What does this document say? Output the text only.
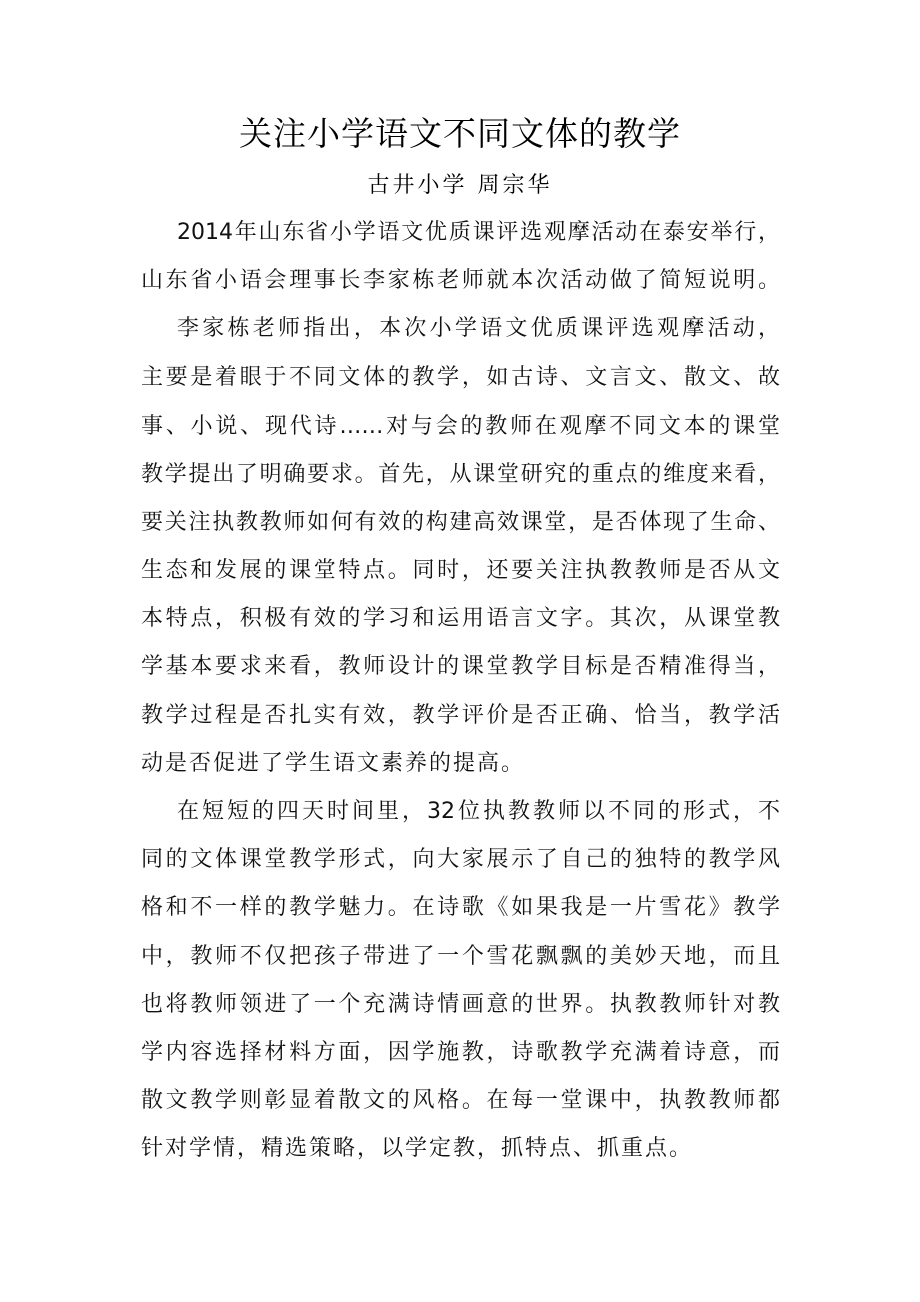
关注小学语文不同文体的教学
古井小学 周宗华
2014年山东省小学语文优质课评选观摩活动在泰安举行，
山东省小语会理事长李家栋老师就本次活动做了简短说明。
李家栋老师指出，本次小学语文优质课评选观摩活动，
主要是着眼于不同文体的教学，如古诗、文言文、散文、故
事、小说、现代诗……对与会的教师在观摩不同文本的课堂
教学提出了明确要求。首先，从课堂研究的重点的维度来看，
要关注执教教师如何有效的构建高效课堂，是否体现了生命、
生态和发展的课堂特点。同时，还要关注执教教师是否从文
本特点，积极有效的学习和运用语言文字。其次，从课堂教
学基本要求来看，教师设计的课堂教学目标是否精准得当，
教学过程是否扎实有效，教学评价是否正确、恰当，教学活
动是否促进了学生语文素养的提高。
在短短的四天时间里，32位执教教师以不同的形式，不
同的文体课堂教学形式，向大家展示了自己的独特的教学风
格和不一样的教学魅力。在诗歌《如果我是一片雪花》教学
中，教师不仅把孩子带进了一个雪花飘飘的美妙天地，而且
也将教师领进了一个充满诗情画意的世界。执教教师针对教
学内容选择材料方面，因学施教，诗歌教学充满着诗意，而
散文教学则彰显着散文的风格。在每一堂课中，执教教师都
针对学情，精选策略，以学定教，抓特点、抓重点。
